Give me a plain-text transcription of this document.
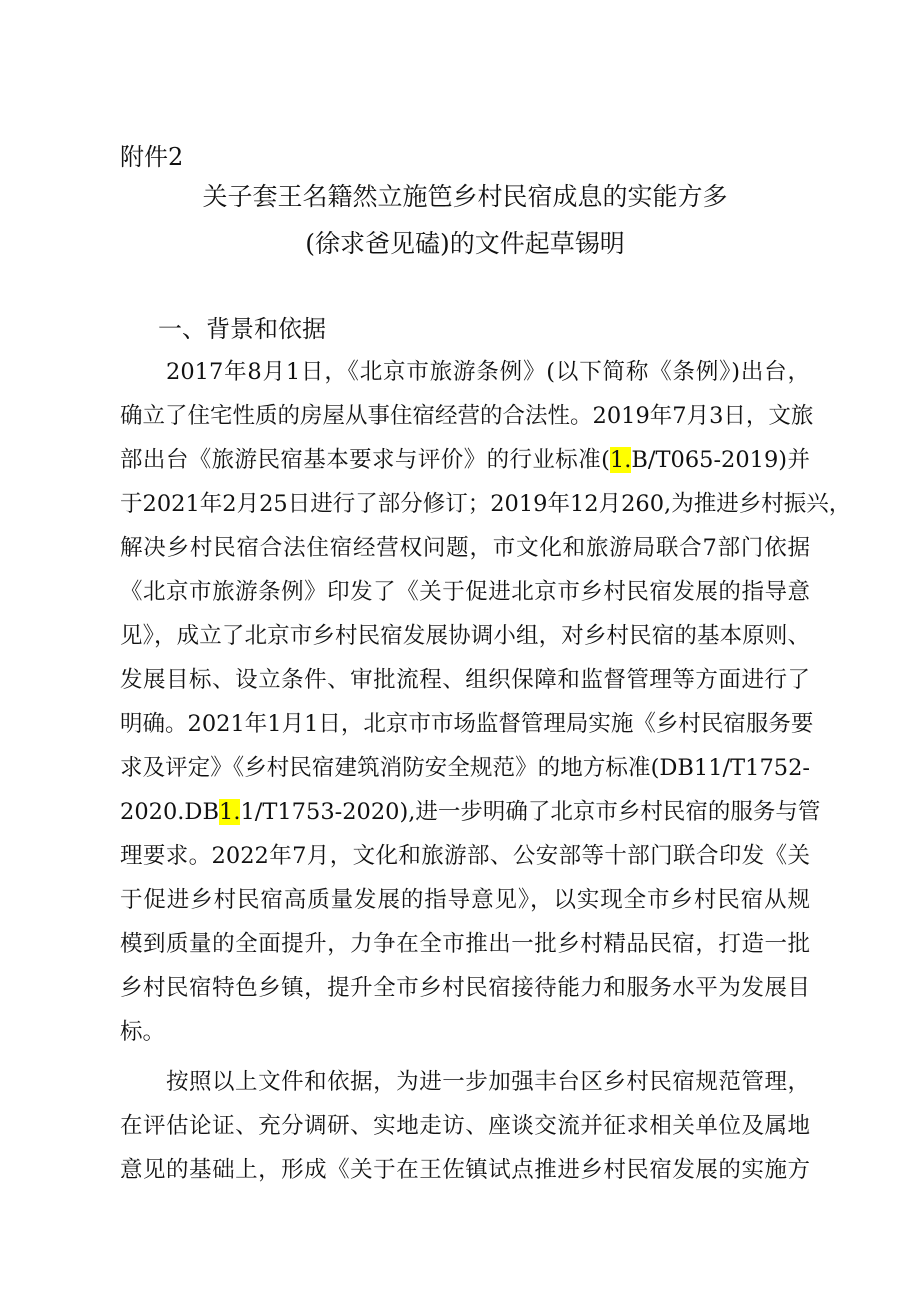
附件2
关子套王名籍然立施笆乡村民宿成息的实能方多
(徐求爸见磕)的文件起草锡明
一、背景和依据
2017年8月1日，《北京市旅游条例》(以下简称《条例》)出台，
确立了住宅性质的房屋从事住宿经营的合法性。2019年7月3日，文旅
部出台《旅游民宿基本要求与评价》的行业标准(1.B/T065-2019)并
于2021年2月25日进行了部分修订；2019年12月260,为推进乡村振兴，
解决乡村民宿合法住宿经营权问题，市文化和旅游局联合7部门依据
《北京市旅游条例》印发了《关于促进北京市乡村民宿发展的指导意
见》，成立了北京市乡村民宿发展协调小组，对乡村民宿的基本原则、
发展目标、设立条件、审批流程、组织保障和监督管理等方面进行了
明确。2021年1月1日，北京市市场监督管理局实施《乡村民宿服务要
求及评定》《乡村民宿建筑消防安全规范》的地方标准(DB11/T1752-
2020.DB1.1/T1753-2020),进一步明确了北京市乡村民宿的服务与管
理要求。2022年7月，文化和旅游部、公安部等十部门联合印发《关
于促进乡村民宿高质量发展的指导意见》，以实现全市乡村民宿从规
模到质量的全面提升，力争在全市推出一批乡村精品民宿，打造一批
乡村民宿特色乡镇，提升全市乡村民宿接待能力和服务水平为发展目
标。
按照以上文件和依据，为进一步加强丰台区乡村民宿规范管理，
在评估论证、充分调研、实地走访、座谈交流并征求相关单位及属地
意见的基础上，形成《关于在王佐镇试点推进乡村民宿发展的实施方
